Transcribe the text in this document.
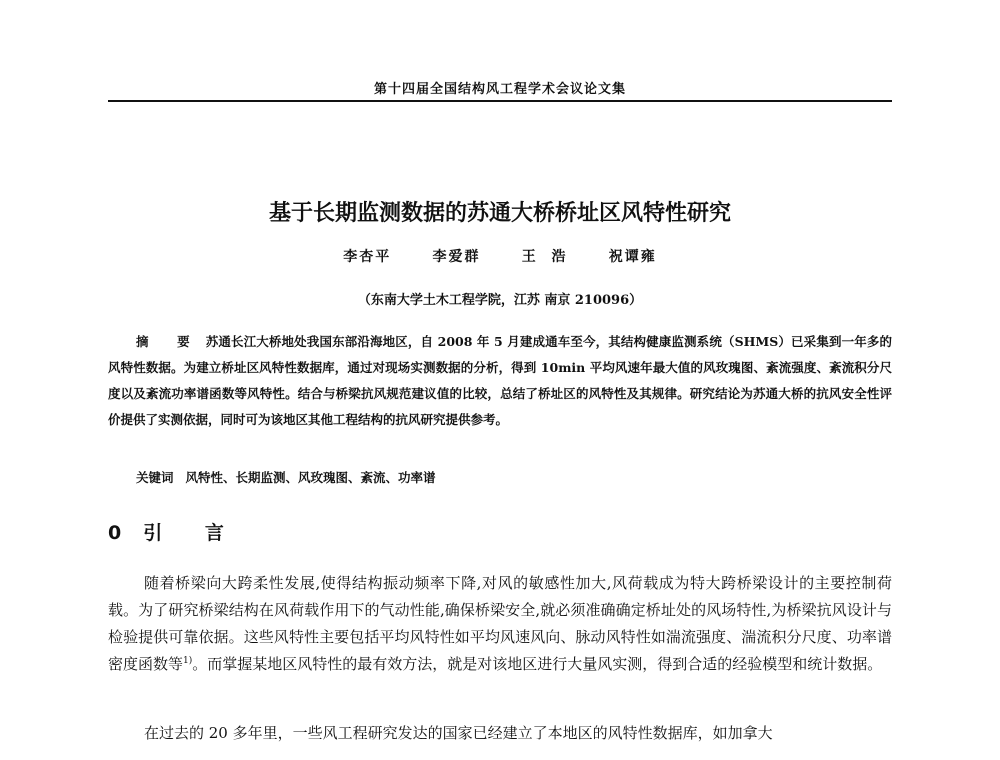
第十四届全国结构风工程学术会议论文集
基于长期监测数据的苏通大桥桥址区风特性研究
李杏平	李爱群	王  浩	祝谭雍
（东南大学土木工程学院，江苏 南京 210096）

摘 要 苏通长江大桥地处我国东部沿海地区，自 2008 年 5 月建成通车至今，其结构健康监测系统（SHMS）已采集到一年多的风特性数据。为建立桥址区风特性数据库，通过对现场实测数据的分析，得到 10min 平均风速年最大值的风玫瑰图、紊流强度、紊流积分尺度以及紊流功率谱函数等风特性。结合与桥梁抗风规范建议值的比较，总结了桥址区的风特性及其规律。研究结论为苏通大桥的抗风安全性评价提供了实测依据，同时可为该地区其他工程结构的抗风研究提供参考。

关键词 风特性、长期监测、风玫瑰图、紊流、功率谱

0 引 言

随着桥梁向大跨柔性发展,使得结构振动频率下降,对风的敏感性加大,风荷载成为特大跨桥梁设计的主要控制荷载。为了研究桥梁结构在风荷载作用下的气动性能,确保桥梁安全,就必须准确确定桥址处的风场特性,为桥梁抗风设计与检验提供可靠依据。这些风特性主要包括平均风特性如平均风速风向、脉动风特性如湍流强度、湍流积分尺度、功率谱密度函数等$^{1)}$。而掌握某地区风特性的最有效方法，就是对该地区进行大量风实测，得到合适的经验模型和统计数据。

在过去的 20 多年里，一些风工程研究发达的国家已经建立了本地区的风特性数据库，如加拿大
